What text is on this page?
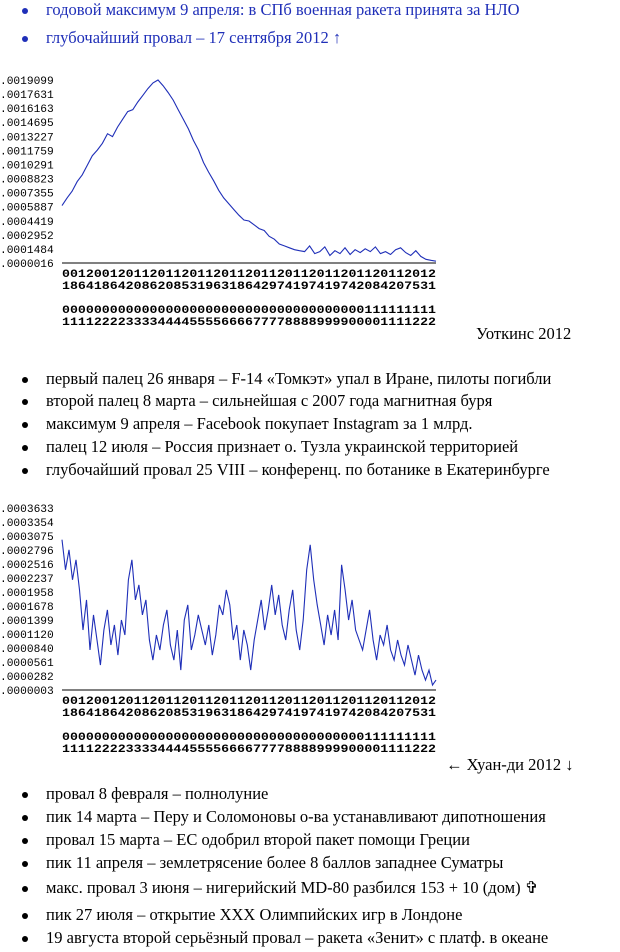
годовой максимум 9 апреля: в СПб военная ракета принята за НЛО
глубочайший провал – 17 сентября 2012 ↑
.0019099
.0017631
.0016163
.0014695
.0013227
.0011759
.0010291
.0008823
.0007355
.0005887
.0004419
.0002952
.0001484
.0000016
00120012011201120112011201120112011201120112012
18641864208620853196318642974197419742084207531
00000000000000000000000000000000000000111111111
11112222333344445555666677778888999900001111222
Уоткинс 2012
первый палец 26 января – F-14 «Томкэт» упал в Иране, пилоты погибли
второй палец 8 марта – сильнейшая с 2007 года магнитная буря
максимум 9 апреля – Facebook покупает Instagram за 1 млрд.
палец 12 июля – Россия признает о. Тузла украинской территорией
глубочайший провал 25 VIII – конференц. по ботанике в Екатеринбурге
.0003633
.0003354
.0003075
.0002796
.0002516
.0002237
.0001958
.0001678
.0001399
.0001120
.0000840
.0000561
.0000282
.0000003
00120012011201120112011201120112011201120112012
18641864208620853196318642974197419742084207531
00000000000000000000000000000000000000111111111
11112222333344445555666677778888999900001111222
← Хуан-ди 2012 ↓
провал 8 февраля – полнолуние
пик 14 марта – Перу и Соломоновы о-ва устанавливают дипотношения
провал 15 марта – ЕС одобрил второй пакет помощи Греции
пик 11 апреля – землетрясение более 8 баллов западнее Суматры
макс. провал 3 июня – нигерийский MD-80 разбился 153 + 10 (дом) ✞
пик 27 июля – открытие XXX Олимпийских игр в Лондоне
19 августа второй серьёзный провал – ракета «Зенит» с платф. в океане
